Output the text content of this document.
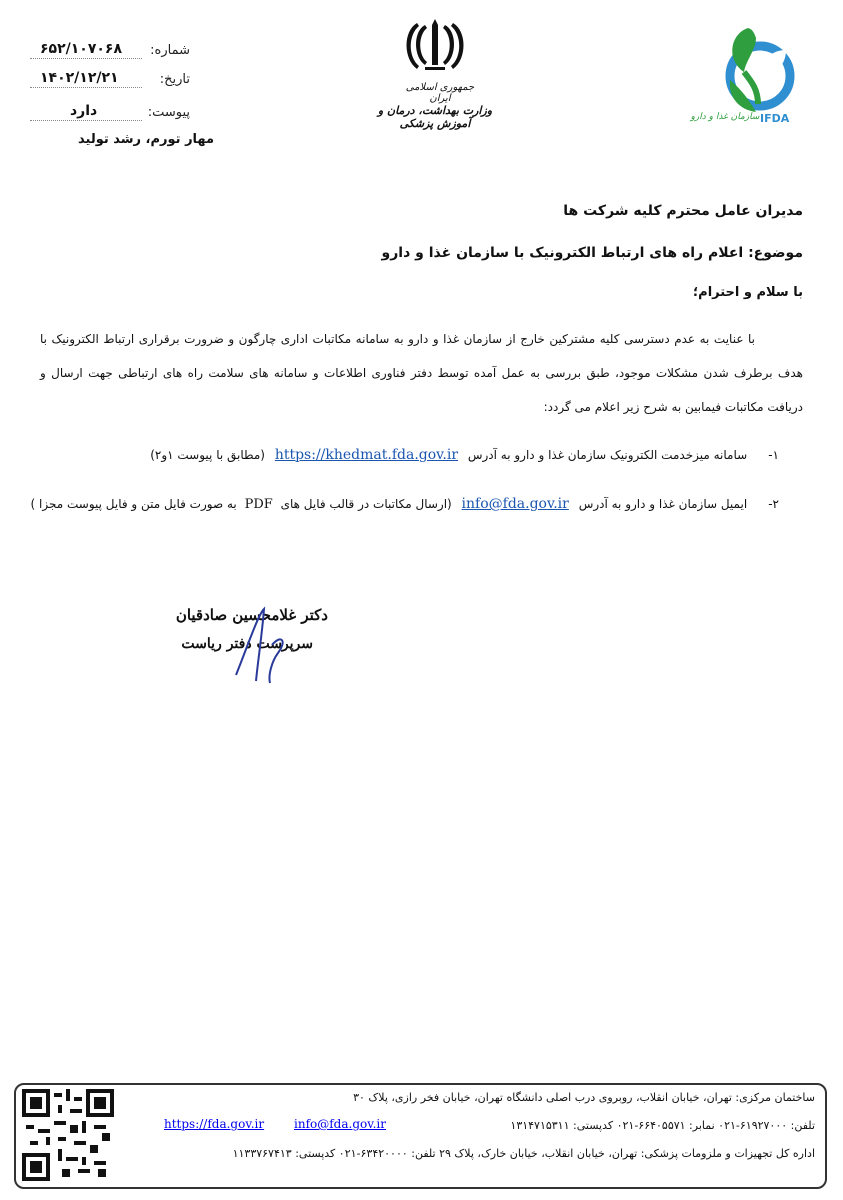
شماره:
۶۵۲/۱۰۷۰۶۸
تاریخ:
۱۴۰۲/۱۲/۲۱
پیوست:
دارد
مهار تورم، رشد تولید
جمهوری اسلامی ایران
وزارت بهداشت، درمان و آموزش پزشکی	سازمان غذا و دارو IFDA
مدیران عامل محترم کلیه شرکت ها
موضوع: اعلام راه های ارتباط الکترونیک با سازمان غذا و دارو
با سلام و احترام؛
با عنایت به عدم دسترسی کلیه مشترکین خارج از سازمان غذا و دارو به سامانه مکاتبات اداری چارگون و ضرورت برقراری ارتباط الکترونیک با هدف برطرف شدن مشکلات موجود، طبق بررسی به عمل آمده توسط دفتر فناوری اطلاعات و سامانه های سلامت راه های ارتباطی جهت ارسال و دریافت مکاتبات فیمابین به شرح زیر اعلام می گردد:
۱- سامانه میزخدمت الکترونیک سازمان غذا و دارو به آدرس https://khedmat.fda.gov.ir (مطابق با پیوست ۱و۲)
۲- ایمیل سازمان غذا و دارو به آدرس info@fda.gov.ir (ارسال مکاتبات در قالب فایل های PDF به صورت فایل متن و فایل پیوست مجزا )
دکتر غلامحسین صادقیان
سرپرست دفتر ریاست
ساختمان مرکزی: تهران، خیابان انقلاب، روبروی درب اصلی دانشگاه تهران، خیابان فخر رازی، پلاک ۳۰
تلفن: ۶۱۹۲۷۰۰۰-۰۲۱ نمابر: ۶۶۴۰۵۵۷۱-۰۲۱ کدپستی: ۱۳۱۴۷۱۵۳۱۱
اداره کل تجهیزات و ملزومات پزشکی: تهران، خیابان انقلاب، خیابان خارک، پلاک ۲۹ تلفن: ۶۳۴۲۰۰۰۰-۰۲۱ کدپستی: ۱۱۳۳۷۶۷۴۱۳
info@fda.gov.ir
https://fda.gov.ir
